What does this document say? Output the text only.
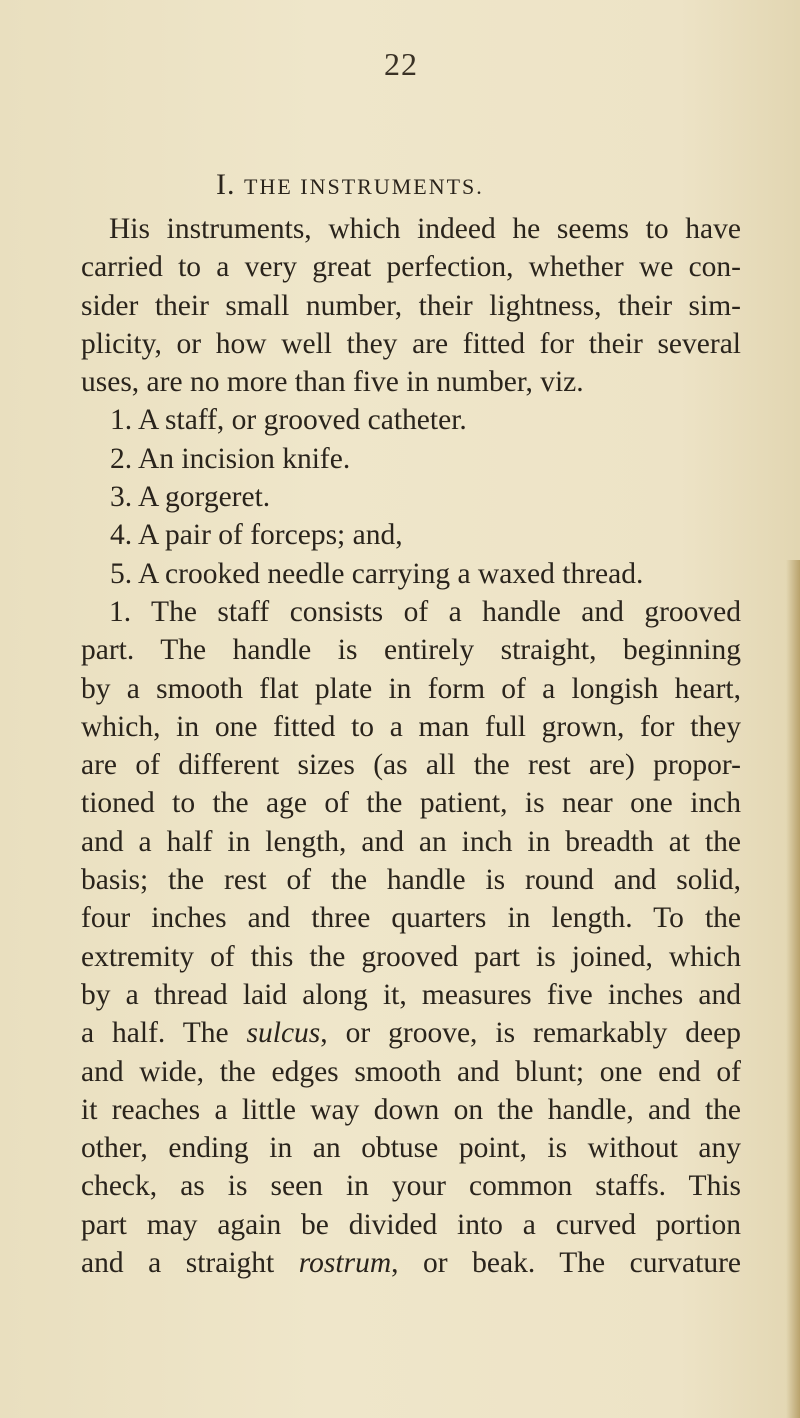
22
I. THE INSTRUMENTS.
His instruments, which indeed he seems to have
carried to a very great perfection, whether we con-
sider their small number, their lightness, their sim-
plicity, or how well they are fitted for their several
uses, are no more than five in number, viz.
1. A staff, or grooved catheter.
2. An incision knife.
3. A gorgeret.
4. A pair of forceps; and,
5. A crooked needle carrying a waxed thread.
1. The staff consists of a handle and grooved
part. The handle is entirely straight, beginning
by a smooth flat plate in form of a longish heart,
which, in one fitted to a man full grown, for they
are of different sizes (as all the rest are) propor-
tioned to the age of the patient, is near one inch
and a half in length, and an inch in breadth at the
basis; the rest of the handle is round and solid,
four inches and three quarters in length. To the
extremity of this the grooved part is joined, which
by a thread laid along it, measures five inches and
a half. The sulcus, or groove, is remarkably deep
and wide, the edges smooth and blunt; one end of
it reaches a little way down on the handle, and the
other, ending in an obtuse point, is without any
check, as is seen in your common staffs. This
part may again be divided into a curved portion
and a straight rostrum, or beak. The curvature
